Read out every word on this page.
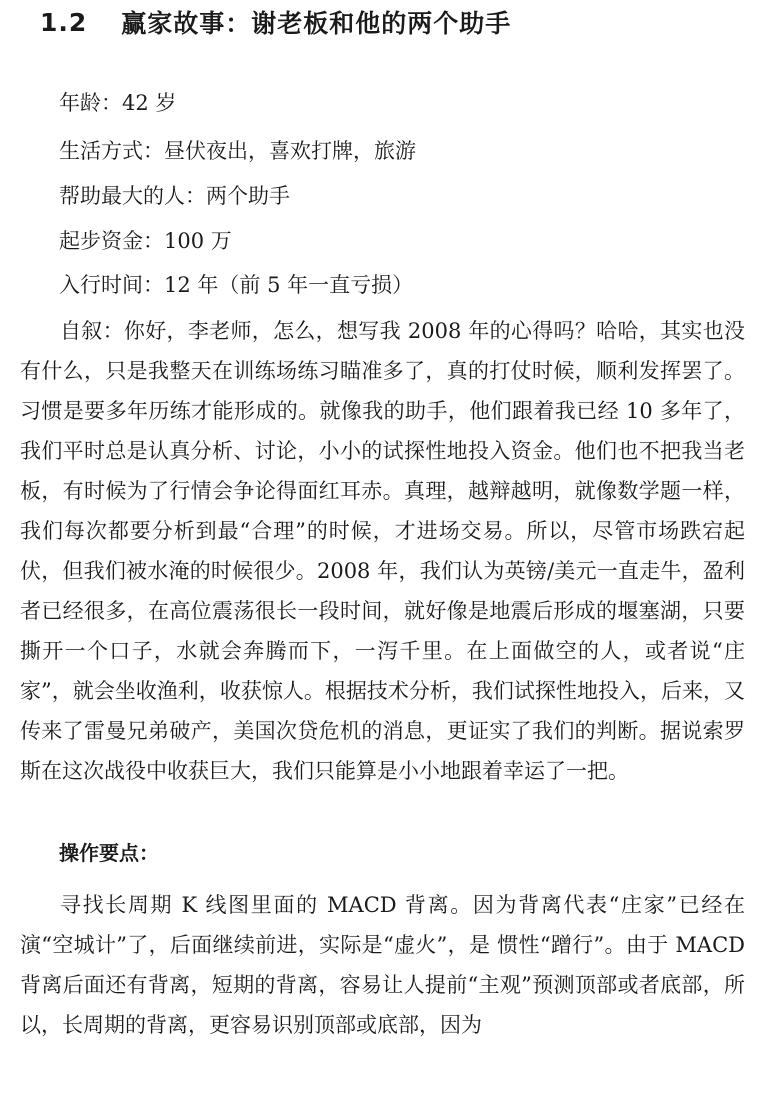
1.2 赢家故事：谢老板和他的两个助手
年龄：42 岁
生活方式：昼伏夜出，喜欢打牌，旅游
帮助最大的人：两个助手
起步资金：100 万
入行时间：12 年（前 5 年一直亏损）

自叙：你好，李老师，怎么，想写我 2008 年的心得吗？哈哈，其实也没有什么，只是我整天在训练场练习瞄准多了，真的打仗时候，顺利发挥罢了。习惯是要多年历练才能形成的。就像我的助手，他们跟着我已经 10 多年了，我们平时总是认真分析、讨论，小小的试探性地投入资金。他们也不把我当老板，有时候为了行情会争论得面红耳赤。真理，越辩越明，就像数学题一样，我们每次都要分析到最“合理”的时候，才进场交易。所以，尽管市场跌宕起伏，但我们被水淹的时候很少。2008 年，我们认为英镑/美元一直走牛，盈利者已经很多，在高位震荡很长一段时间，就好像是地震后形成的堰塞湖，只要撕开一个口子，水就会奔腾而下，一泻千里。在上面做空的人，或者说“庄家”，就会坐收渔利，收获惊人。根据技术分析，我们试探性地投入，后来，又传来了雷曼兄弟破产，美国次贷危机的消息，更证实了我们的判断。据说索罗斯在这次战役中收获巨大，我们只能算是小小地跟着幸运了一把。

操作要点：

寻找长周期 K 线图里面的 MACD 背离。因为背离代表“庄家”已经在演“空城计”了，后面继续前进，实际是“虚火”，是 惯性“蹭行”。由于 MACD 背离后面还有背离，短期的背离，容易让人提前“主观”预测顶部或者底部，所以，长周期的背离，更容易识别顶部或底部，因为
